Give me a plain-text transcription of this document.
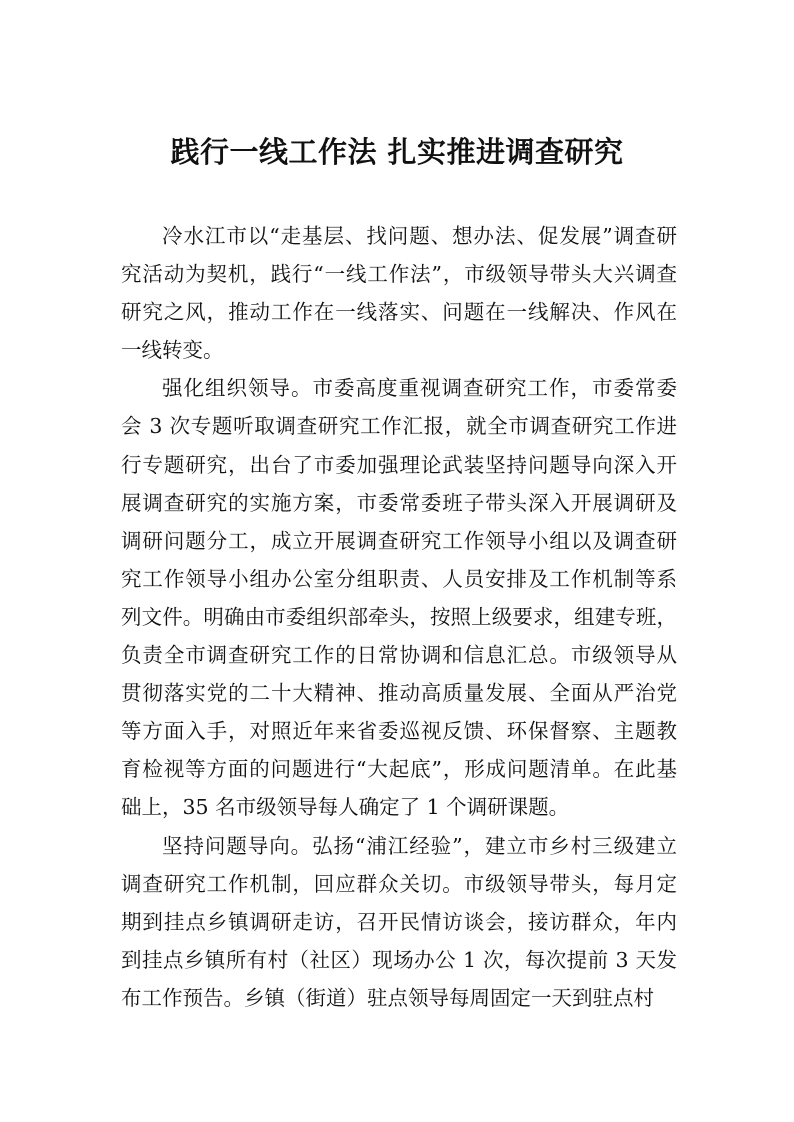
践行一线工作法 扎实推进调查研究
冷水江市以“走基层、找问题、想办法、促发展”调查研
究活动为契机，践行“一线工作法”，市级领导带头大兴调查
研究之风，推动工作在一线落实、问题在一线解决、作风在
一线转变。
强化组织领导。市委高度重视调查研究工作，市委常委
会 3 次专题听取调查研究工作汇报，就全市调查研究工作进
行专题研究，出台了市委加强理论武装坚持问题导向深入开
展调查研究的实施方案，市委常委班子带头深入开展调研及
调研问题分工，成立开展调查研究工作领导小组以及调查研
究工作领导小组办公室分组职责、人员安排及工作机制等系
列文件。明确由市委组织部牵头，按照上级要求，组建专班，
负责全市调查研究工作的日常协调和信息汇总。市级领导从
贯彻落实党的二十大精神、推动高质量发展、全面从严治党
等方面入手，对照近年来省委巡视反馈、环保督察、主题教
育检视等方面的问题进行“大起底”，形成问题清单。在此基
础上，35 名市级领导每人确定了 1 个调研课题。
坚持问题导向。弘扬“浦江经验”，建立市乡村三级建立
调查研究工作机制，回应群众关切。市级领导带头，每月定
期到挂点乡镇调研走访，召开民情访谈会，接访群众，年内
到挂点乡镇所有村（社区）现场办公 1 次，每次提前 3 天发
布工作预告。乡镇（街道）驻点领导每周固定一天到驻点村
